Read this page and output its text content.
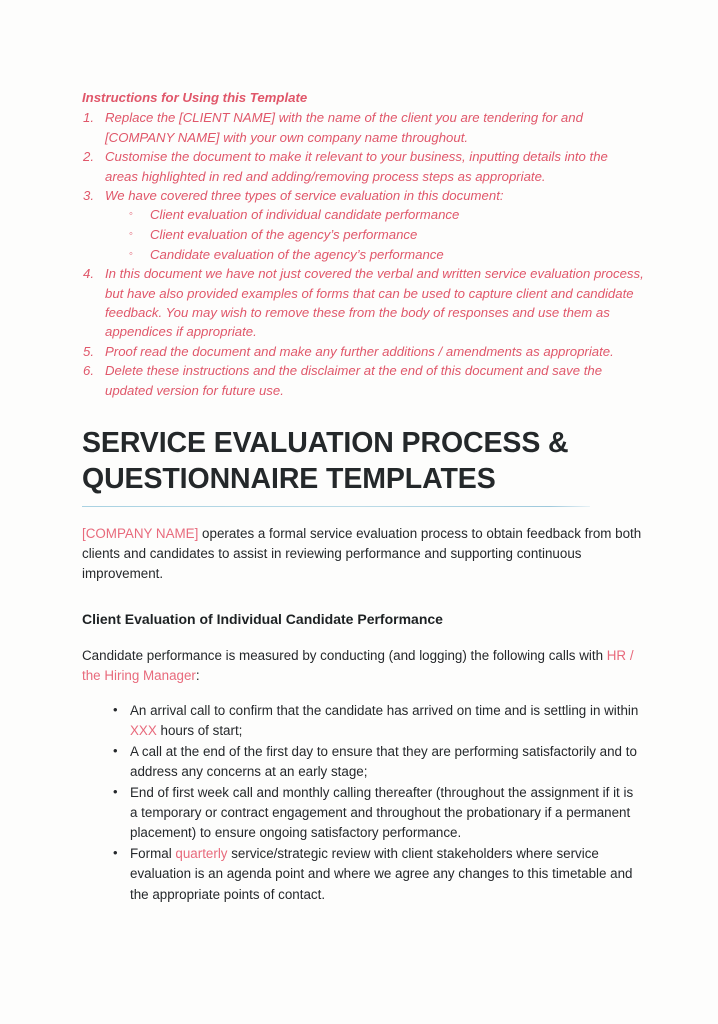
Instructions for Using this Template
1. Replace the [CLIENT NAME] with the name of the client you are tendering for and [COMPANY NAME] with your own company name throughout.
2. Customise the document to make it relevant to your business, inputting details into the areas highlighted in red and adding/removing process steps as appropriate.
3. We have covered three types of service evaluation in this document:
◦ Client evaluation of individual candidate performance
◦ Client evaluation of the agency’s performance
◦ Candidate evaluation of the agency’s performance
4. In this document we have not just covered the verbal and written service evaluation process, but have also provided examples of forms that can be used to capture client and candidate feedback. You may wish to remove these from the body of responses and use them as appendices if appropriate.
5. Proof read the document and make any further additions / amendments as appropriate.
6. Delete these instructions and the disclaimer at the end of this document and save the updated version for future use.
SERVICE EVALUATION PROCESS & QUESTIONNAIRE TEMPLATES

[COMPANY NAME] operates a formal service evaluation process to obtain feedback from both clients and candidates to assist in reviewing performance and supporting continuous improvement.

Client Evaluation of Individual Candidate Performance

Candidate performance is measured by conducting (and logging) the following calls with HR / the Hiring Manager:

• An arrival call to confirm that the candidate has arrived on time and is settling in within XXX hours of start;
• A call at the end of the first day to ensure that they are performing satisfactorily and to address any concerns at an early stage;
• End of first week call and monthly calling thereafter (throughout the assignment if it is a temporary or contract engagement and throughout the probationary if a permanent placement) to ensure ongoing satisfactory performance.
• Formal quarterly service/strategic review with client stakeholders where service evaluation is an agenda point and where we agree any changes to this timetable and the appropriate points of contact.
